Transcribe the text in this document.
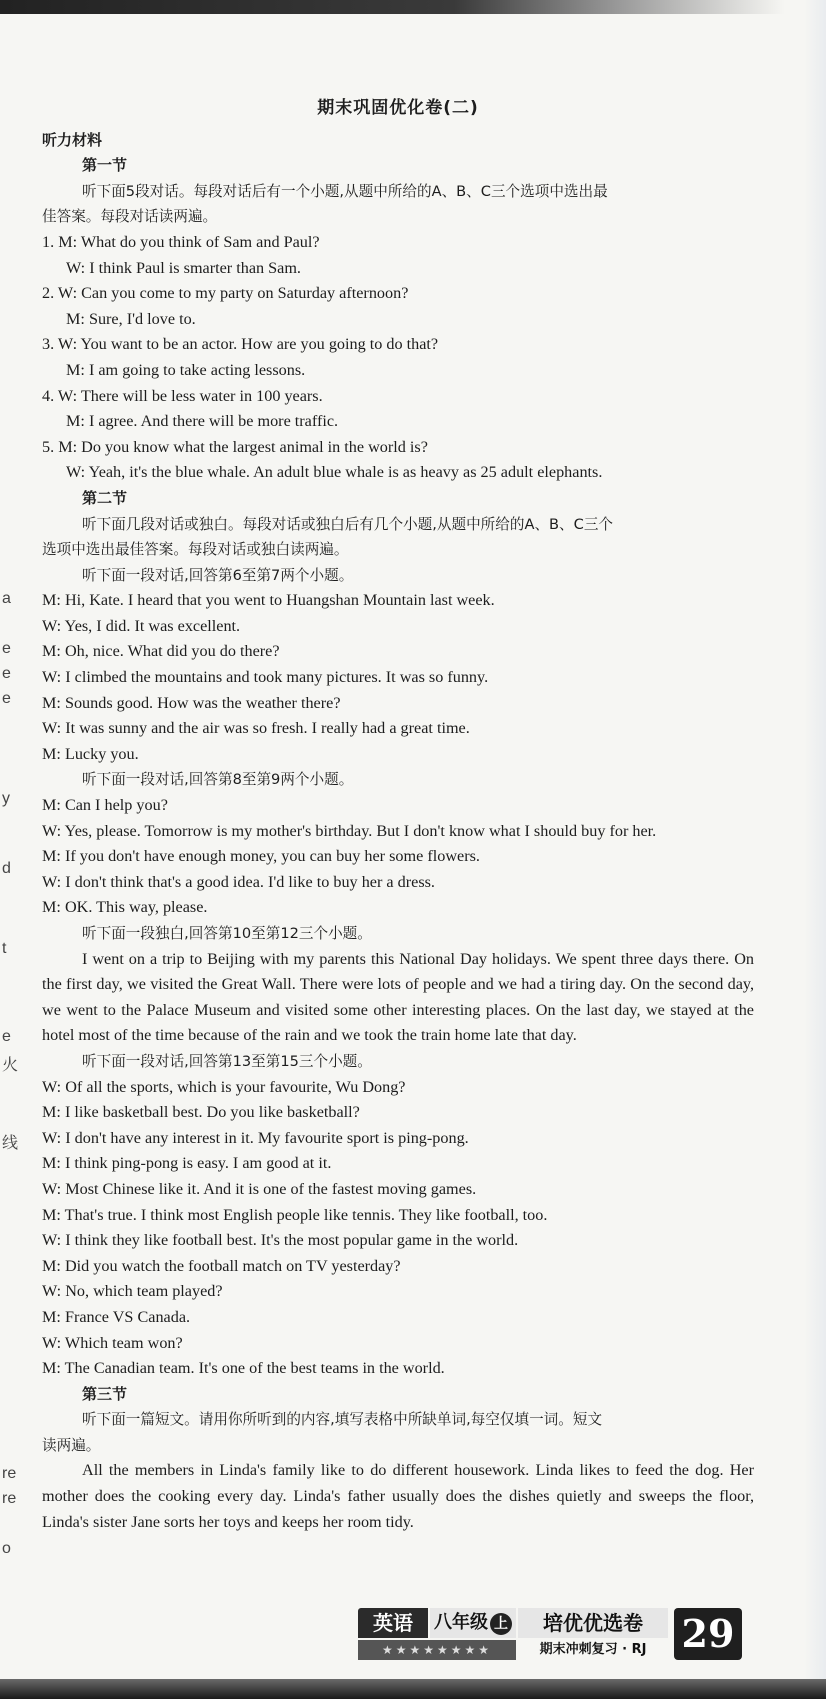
a
e
e
e
y
d
t
e
火
线
re
re
o
期末巩固优化卷(二)
听力材料
第一节

听下面5段对话。每段对话后有一个小题,从题中所给的A、B、C三个选项中选出最

佳答案。每段对话读两遍。

1. M: What do you think of Sam and Paul?

W: I think Paul is smarter than Sam.

2. W: Can you come to my party on Saturday afternoon?

M: Sure, I'd love to.

3. W: You want to be an actor. How are you going to do that?

M: I am going to take acting lessons.

4. W: There will be less water in 100 years.

M: I agree. And there will be more traffic.

5. M: Do you know what the largest animal in the world is?

W: Yeah, it's the blue whale. An adult blue whale is as heavy as 25 adult elephants.

第二节

听下面几段对话或独白。每段对话或独白后有几个小题,从题中所给的A、B、C三个

选项中选出最佳答案。每段对话或独白读两遍。

听下面一段对话,回答第6至第7两个小题。

M: Hi, Kate. I heard that you went to Huangshan Mountain last week.

W: Yes, I did. It was excellent.

M: Oh, nice. What did you do there?

W: I climbed the mountains and took many pictures. It was so funny.

M: Sounds good. How was the weather there?

W: It was sunny and the air was so fresh. I really had a great time.

M: Lucky you.

听下面一段对话,回答第8至第9两个小题。

M: Can I help you?

W: Yes, please. Tomorrow is my mother's birthday. But I don't know what I should buy for her.

M: If you don't have enough money, you can buy her some flowers.

W: I don't think that's a good idea. I'd like to buy her a dress.

M: OK. This way, please.

听下面一段独白,回答第10至第12三个小题。

I went on a trip to Beijing with my parents this National Day holidays. We spent three days there. On the first day, we visited the Great Wall. There were lots of people and we had a tiring day. On the second day, we went to the Palace Museum and visited some other interesting places. On the last day, we stayed at the hotel most of the time because of the rain and we took the train home late that day.

听下面一段对话,回答第13至第15三个小题。

W: Of all the sports, which is your favourite, Wu Dong?

M: I like basketball best. Do you like basketball?

W: I don't have any interest in it. My favourite sport is ping-pong.

M: I think ping-pong is easy. I am good at it.

W: Most Chinese like it. And it is one of the fastest moving games.

M: That's true. I think most English people like tennis. They like football, too.

W: I think they like football best. It's the most popular game in the world.

M: Did you watch the football match on TV yesterday?

W: No, which team played?

M: France VS Canada.

W: Which team won?

M: The Canadian team. It's one of the best teams in the world.

第三节

听下面一篇短文。请用你所听到的内容,填写表格中所缺单词,每空仅填一词。短文

读两遍。

All the members in Linda's family like to do different housework. Linda likes to feed the dog. Her mother does the cooking every day. Linda's father usually does the dishes quietly and sweeps the floor, Linda's sister Jane sorts her toys and keeps her room tidy.

英语	八年级 上	培优优选卷
★★★★★★★★	期末冲刺复习 · RJ 29
